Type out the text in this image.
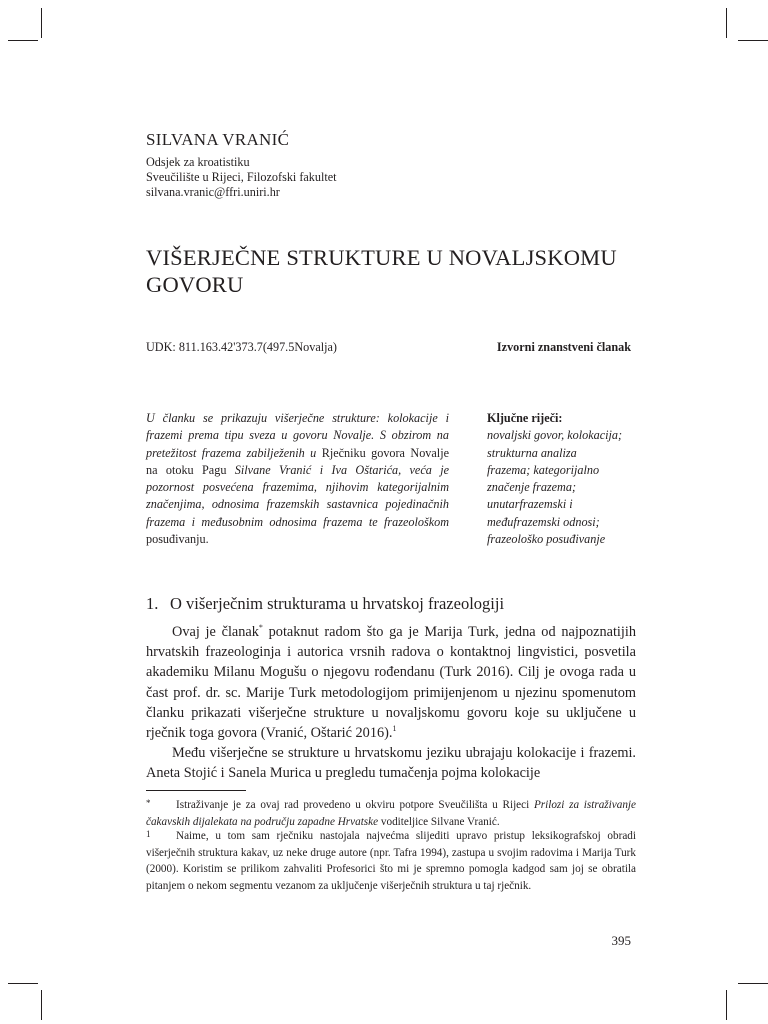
SILVANA VRANIĆ
Odsjek za kroatistiku
Sveučilište u Rijeci, Filozofski fakultet
silvana.vranic@ffri.uniri.hr
VIŠERJEČNE STRUKTURE U NOVALJSKOMU GOVORU
UDK: 811.163.42'373.7(497.5Novalja)	Izvorni znanstveni članak
U članku se prikazuju višerječne strukture: kolokacije i frazemi prema tipu sveza u govoru Novalje. S obzirom na pretežitost frazema zabilježenih u Rječniku govora Novalje na otoku Pagu Silvane Vranić i Iva Oštarića, veća je pozornost posvećena frazemima, njihovim kategorijalnim značenjima, odnosima frazemskih sastavnica pojedinačnih frazema i međusobnim odnosima frazema te frazeološkom posuđivanju.
Ključne riječi:
novaljski govor, kolokacija;
strukturna analiza
frazema; kategorijalno
značenje frazema;
unutarfrazemski i
međufrazemski odnosi;
frazeološko posuđivanje
1. O višerječnim strukturama u hrvatskoj frazeologiji

Ovaj je članak* potaknut radom što ga je Marija Turk, jedna od najpoznatijih hrvatskih frazeologinja i autorica vrsnih radova o kontaktnoj lingvistici, posvetila akademiku Milanu Mogušu o njegovu rođendanu (Turk 2016). Cilj je ovoga rada u čast prof. dr. sc. Marije Turk metodologijom primijenjenom u njezinu spomenutom članku prikazati višerječne strukture u novaljskomu govoru koje su uključene u rječnik toga govora (Vranić, Oštarić 2016).$^1$

Među višerječne se strukture u hrvatskomu jeziku ubrajaju kolokacije i frazemi. Aneta Stojić i Sanela Murica u pregledu tumačenja pojma kolokacije

* Istraživanje je za ovaj rad provedeno u okviru potpore Sveučilišta u Rijeci Prilozi za istraživanje čakavskih dijalekata na području zapadne Hrvatske voditeljice Silvane Vranić.
1 Naime, u tom sam rječniku nastojala najvećma slijediti upravo pristup leksikografskoj obradi višerječnih struktura kakav, uz neke druge autore (npr. Tafra 1994), zastupa u svojim radovima i Marija Turk (2000). Koristim se prilikom zahvaliti Profesorici što mi je spremno pomogla kadgod sam joj se obratila pitanjem o nekom segmentu vezanom za uključenje višerječnih struktura u taj rječnik.
395
